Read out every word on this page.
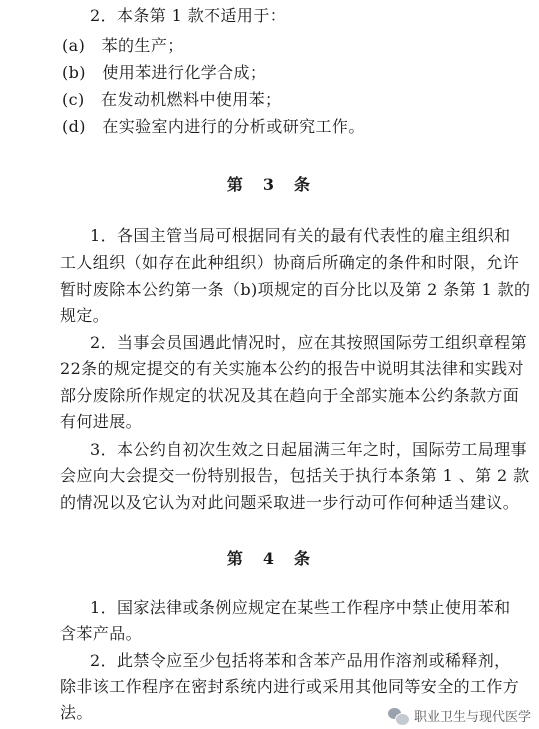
2．本条第 1 款不适用于：
(a)　苯的生产；
(b)　使用苯进行化学合成；
(c)　在发动机燃料中使用苯；
(d)　在实验室内进行的分析或研究工作。
第　3　条
1．各国主管当局可根据同有关的最有代表性的雇主组织和
工人组织（如存在此种组织）协商后所确定的条件和时限，允许
暂时废除本公约第一条（b)项规定的百分比以及第 2 条第 1 款的
规定。
2．当事会员国遇此情况时，应在其按照国际劳工组织章程第
22条的规定提交的有关实施本公约的报告中说明其法律和实践对
部分废除所作规定的状况及其在趋向于全部实施本公约条款方面
有何进展。
3．本公约自初次生效之日起届满三年之时，国际劳工局理事
会应向大会提交一份特别报告，包括关于执行本条第 1 、第 2 款
的情况以及它认为对此问题采取进一步行动可作何种适当建议。
第　4　条
1．国家法律或条例应规定在某些工作程序中禁止使用苯和
含苯产品。
2．此禁令应至少包括将苯和含苯产品用作溶剂或稀释剂，
除非该工作程序在密封系统内进行或采用其他同等安全的工作方
法。	职业卫生与现代医学
